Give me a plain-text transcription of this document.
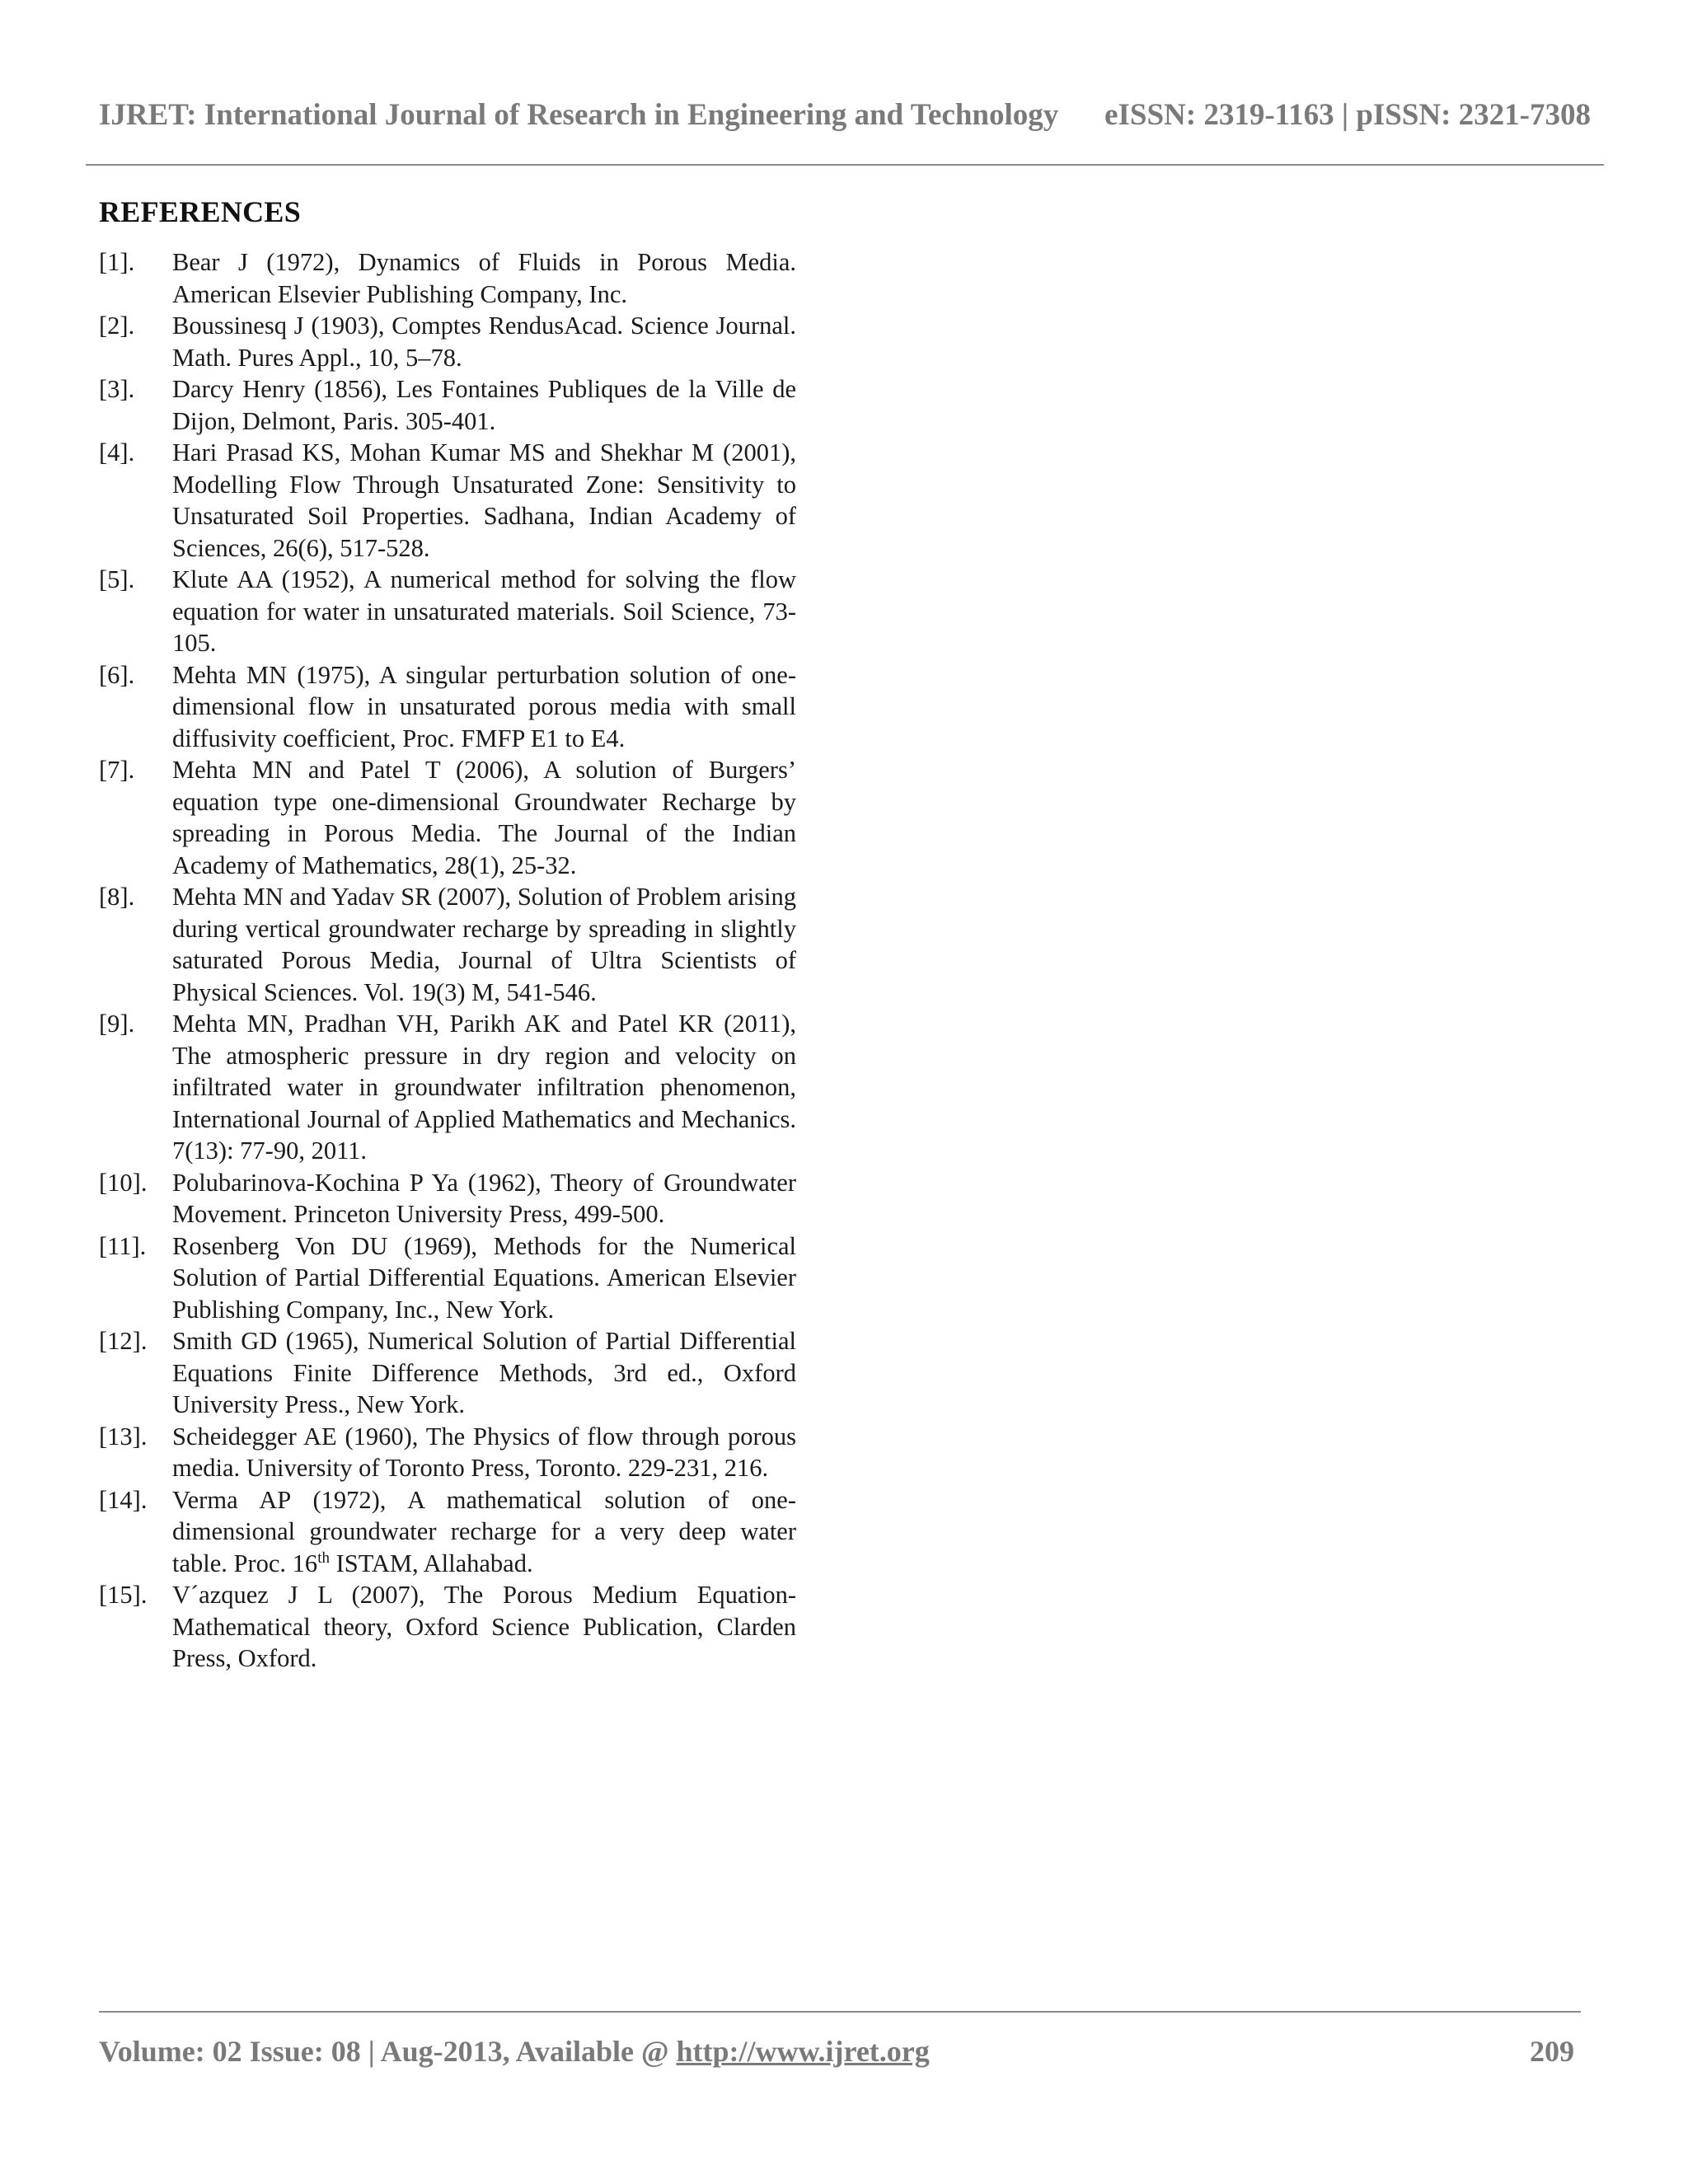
IJRET: International Journal of Research in Engineering and Technology eISSN: 2319-1163 | pISSN: 2321-7308
REFERENCES
[1].	Bear J (1972), Dynamics of Fluids in Porous Media. American Elsevier Publishing Company, Inc.
[2].	Boussinesq J (1903), Comptes RendusAcad. Science Journal. Math. Pures Appl., 10, 5–78.
[3].	Darcy Henry (1856), Les Fontaines Publiques de la Ville de Dijon, Delmont, Paris. 305-401.
[4].	Hari Prasad KS, Mohan Kumar MS and Shekhar M (2001), Modelling Flow Through Unsaturated Zone: Sensitivity to Unsaturated Soil Properties. Sadhana, Indian Academy of Sciences, 26(6), 517-528.
[5].	Klute AA (1952), A numerical method for solving the flow equation for water in unsaturated materials. Soil Science, 73-105.
[6].	Mehta MN (1975), A singular perturbation solution of one-dimensional flow in unsaturated porous media with small diffusivity coefficient, Proc. FMFP E1 to E4.
[7].	Mehta MN and Patel T (2006), A solution of Burgers’ equation type one-dimensional Groundwater Recharge by spreading in Porous Media. The Journal of the Indian Academy of Mathematics, 28(1), 25-32.
[8].	Mehta MN and Yadav SR (2007), Solution of Problem arising during vertical groundwater recharge by spreading in slightly saturated Porous Media, Journal of Ultra Scientists of Physical Sciences. Vol. 19(3) M, 541-546.
[9].	Mehta MN, Pradhan VH, Parikh AK and Patel KR (2011), The atmospheric pressure in dry region and velocity on infiltrated water in groundwater infiltration phenomenon, International Journal of Applied Mathematics and Mechanics. 7(13): 77-90, 2011.
[10].	Polubarinova-Kochina P Ya (1962), Theory of Groundwater Movement. Princeton University Press, 499-500.
[11].	Rosenberg Von DU (1969), Methods for the Numerical Solution of Partial Differential Equations. American Elsevier Publishing Company, Inc., New York.
[12].	Smith GD (1965), Numerical Solution of Partial Differential Equations Finite Difference Methods, 3rd ed., Oxford University Press., New York.
[13].	Scheidegger AE (1960), The Physics of flow through porous media. University of Toronto Press, Toronto. 229-231, 216.
[14].	Verma AP (1972), A mathematical solution of one-dimensional groundwater recharge for a very deep water table. Proc. 16th ISTAM, Allahabad.
[15].	V´azquez J L (2007), The Porous Medium Equation-Mathematical theory, Oxford Science Publication, Clarden Press, Oxford.
Volume: 02 Issue: 08 | Aug-2013, Available @ http://www.ijret.org	209
